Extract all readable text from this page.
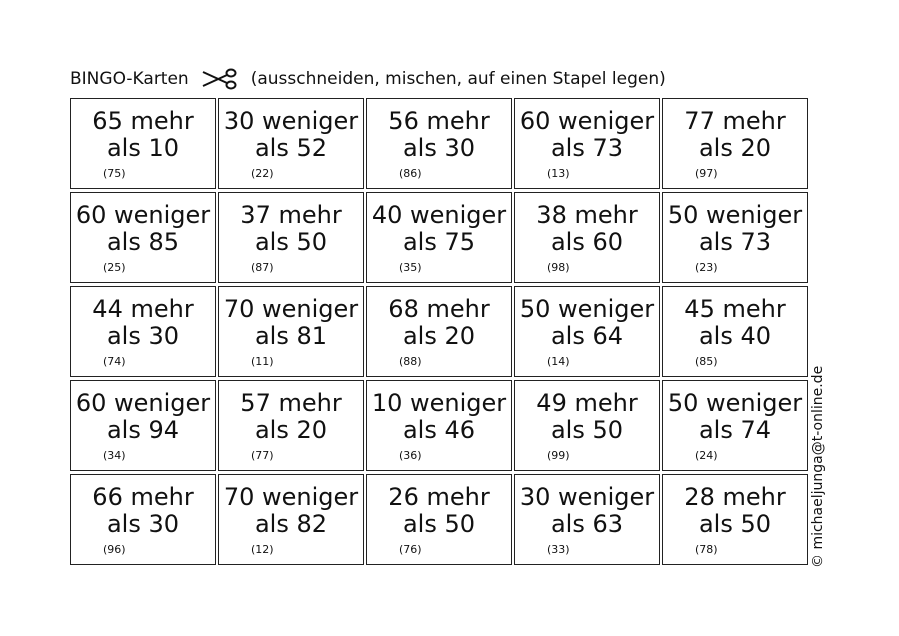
BINGO-Karten	(ausschneiden, mischen, auf einen Stapel legen)
65 mehr
als 10
(75)
30 weniger
als 52
(22)
56 mehr
als 30
(86)
60 weniger
als 73
(13)
77 mehr
als 20
(97)
60 weniger
als 85
(25)
37 mehr
als 50
(87)
40 weniger
als 75
(35)
38 mehr
als 60
(98)
50 weniger
als 73
(23)
44 mehr
als 30
(74)
70 weniger
als 81
(11)
68 mehr
als 20
(88)
50 weniger
als 64
(14)
45 mehr
als 40
(85)
60 weniger
als 94
(34)
57 mehr
als 20
(77)
10 weniger
als 46
(36)
49 mehr
als 50
(99)
50 weniger
als 74
(24)
66 mehr
als 30
(96)
70 weniger
als 82
(12)
26 mehr
als 50
(76)
30 weniger
als 63
(33)
28 mehr
als 50
(78)	© michaeljunga@t-online.de
